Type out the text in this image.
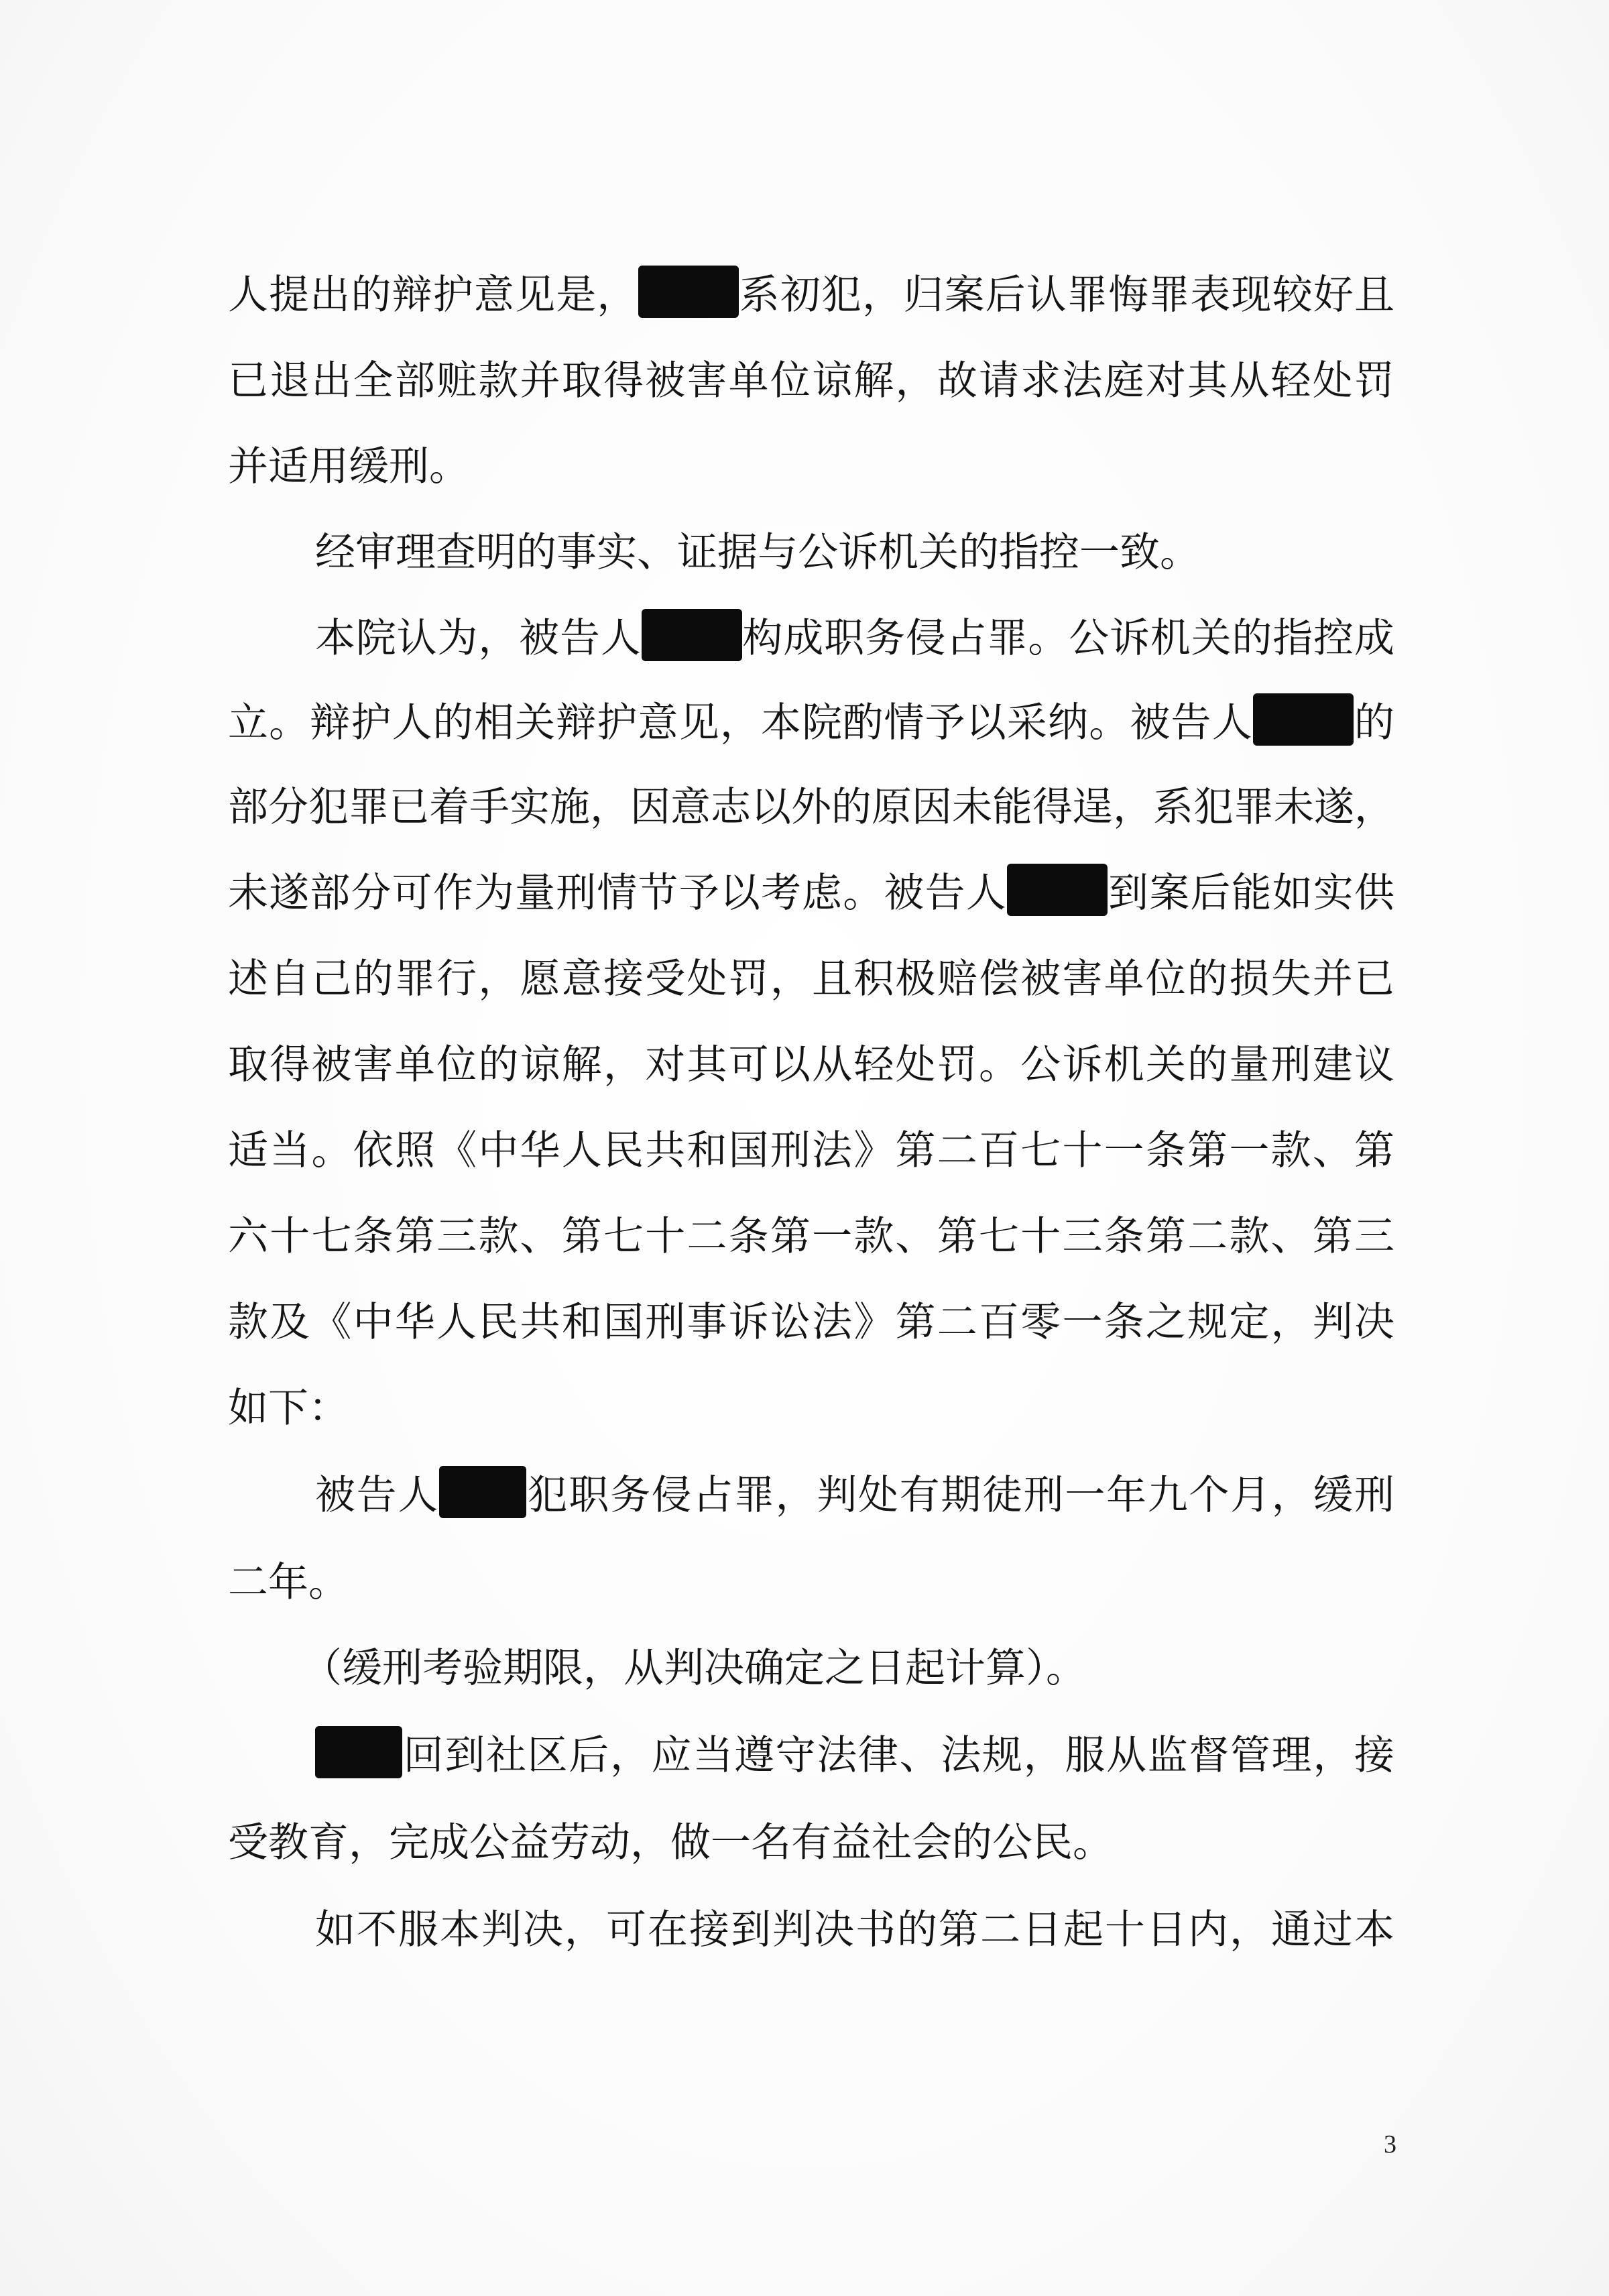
人提出的辩护意见是，	系初犯，归案后认罪悔罪表现较好且
已退出全部赃款并取得被害单位谅解，故请求法庭对其从轻处罚
并适用缓刑。
经审理查明的事实、证据与公诉机关的指控一致。
本院认为，被告人	构成职务侵占罪。公诉机关的指控成
立。辩护人的相关辩护意见，本院酌情予以采纳。被告人	的
部分犯罪已着手实施，因意志以外的原因未能得逞，系犯罪未遂，
未遂部分可作为量刑情节予以考虑。被告人	到案后能如实供
述自己的罪行，愿意接受处罚，且积极赔偿被害单位的损失并已
取得被害单位的谅解，对其可以从轻处罚。公诉机关的量刑建议
适当。依照《中华人民共和国刑法》第二百七十一条第一款、第
六十七条第三款、第七十二条第一款、第七十三条第二款、第三
款及《中华人民共和国刑事诉讼法》第二百零一条之规定，判决
如下：
被告人 犯职务侵占罪，判处有期徒刑一年九个月，缓刑
二年。
（缓刑考验期限，从判决确定之日起计算）。
回到社区后，应当遵守法律、法规，服从监督管理，接
受教育，完成公益劳动，做一名有益社会的公民。
如不服本判决，可在接到判决书的第二日起十日内，通过本
3
